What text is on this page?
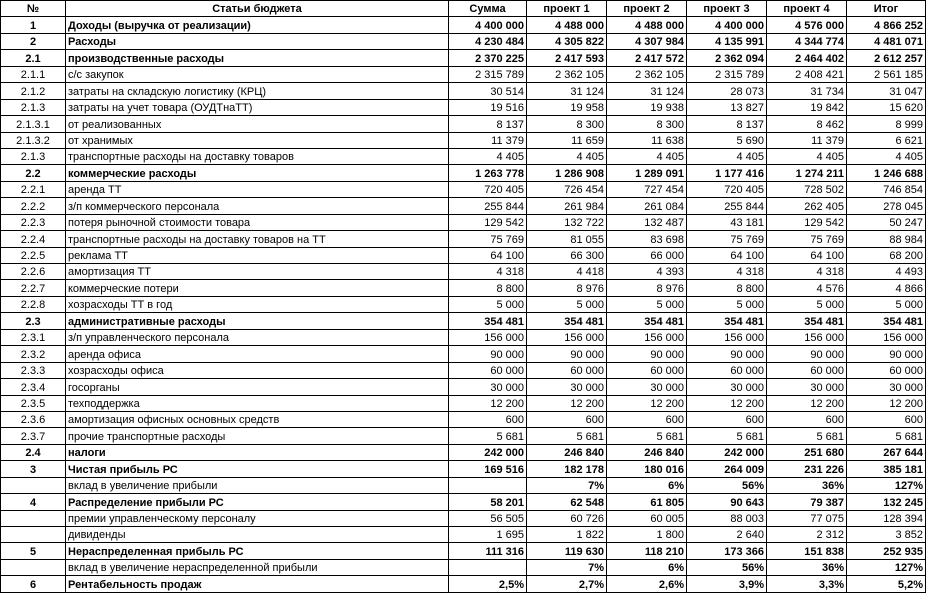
№	Статьи бюджета	Сумма	проект 1	проект 2	проект 3	проект 4	Итог
1	Доходы (выручка от реализации)	4 400 000	4 488 000	4 488 000	4 400 000	4 576 000	4 866 252
2	Расходы	4 230 484	4 305 822	4 307 984	4 135 991	4 344 774	4 481 071
2.1	производственные расходы	2 370 225	2 417 593	2 417 572	2 362 094	2 464 402	2 612 257
2.1.1	с/с закупок	2 315 789	2 362 105	2 362 105	2 315 789	2 408 421	2 561 185
2.1.2	затраты на складскую логистику (КРЦ)	30 514	31 124	31 124	28 073	31 734	31 047
2.1.3	затраты на учет товара (ОУДТнаТТ)	19 516	19 958	19 938	13 827	19 842	15 620
2.1.3.1	от реализованных	8 137	8 300	8 300	8 137	8 462	8 999
2.1.3.2	от хранимых	11 379	11 659	11 638	5 690	11 379	6 621
2.1.3	транспортные расходы на доставку товаров	4 405	4 405	4 405	4 405	4 405	4 405
2.2	коммерческие расходы	1 263 778	1 286 908	1 289 091	1 177 416	1 274 211	1 246 688
2.2.1	аренда ТТ	720 405	726 454	727 454	720 405	728 502	746 854
2.2.2	з/п коммерческого персонала	255 844	261 984	261 084	255 844	262 405	278 045
2.2.3	потеря рыночной стоимости товара	129 542	132 722	132 487	43 181	129 542	50 247
2.2.4	транспортные расходы на доставку товаров на ТТ	75 769	81 055	83 698	75 769	75 769	88 984
2.2.5	реклама ТТ	64 100	66 300	66 000	64 100	64 100	68 200
2.2.6	амортизация ТТ	4 318	4 418	4 393	4 318	4 318	4 493
2.2.7	коммерческие потери	8 800	8 976	8 976	8 800	4 576	4 866
2.2.8	хозрасходы ТТ в год	5 000	5 000	5 000	5 000	5 000	5 000
2.3	административные расходы	354 481	354 481	354 481	354 481	354 481	354 481
2.3.1	з/п управленческого персонала	156 000	156 000	156 000	156 000	156 000	156 000
2.3.2	аренда офиса	90 000	90 000	90 000	90 000	90 000	90 000
2.3.3	хозрасходы офиса	60 000	60 000	60 000	60 000	60 000	60 000
2.3.4	госорганы	30 000	30 000	30 000	30 000	30 000	30 000
2.3.5	техподдержка	12 200	12 200	12 200	12 200	12 200	12 200
2.3.6	амортизация офисных основных средств	600	600	600	600	600	600
2.3.7	прочие транспортные расходы	5 681	5 681	5 681	5 681	5 681	5 681
2.4	налоги	242 000	246 840	246 840	242 000	251 680	267 644
3	Чистая прибыль РС	169 516	182 178	180 016	264 009	231 226	385 181
	вклад в увеличение прибыли		7%	6%	56%	36%	127%
4	Распределение прибыли РС	58 201	62 548	61 805	90 643	79 387	132 245
	премии управленческому персоналу	56 505	60 726	60 005	88 003	77 075	128 394
	дивиденды	1 695	1 822	1 800	2 640	2 312	3 852
5	Нераспределенная прибыль РС	111 316	119 630	118 210	173 366	151 838	252 935
	вклад в увеличение нераспределенной прибыли		7%	6%	56%	36%	127%
6	Рентабельность продаж	2,5%	2,7%	2,6%	3,9%	3,3%	5,2%
